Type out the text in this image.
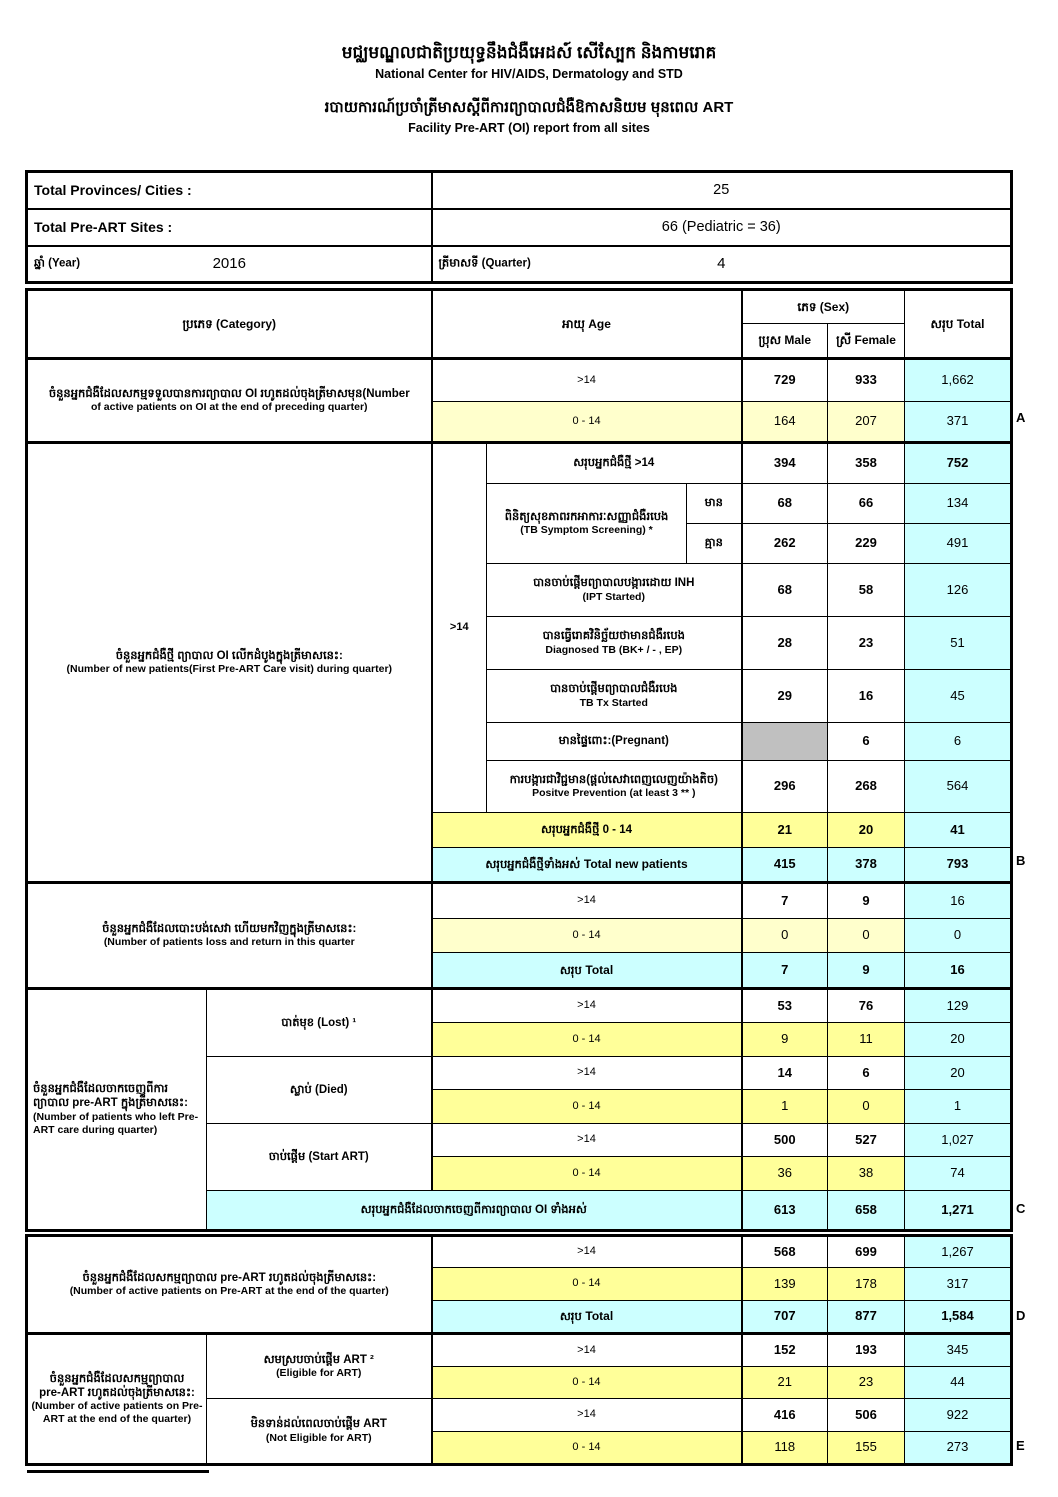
មជ្ឈមណ្ឌលជាតិប្រយុទ្ធនឹងជំងឺអេដស៍ សើស្បែក និងកាមរោគ
National Center for HIV/AIDS, Dermatology and STD
របាយការណ៍ប្រចាំត្រីមាសស្តីពីការព្យាបាលជំងឺឱកាសនិយម មុនពេល ART
Facility Pre-ART (OI) report from all sites
Total Provinces/ Cities :	25
Total Pre-ART Sites :	66 (Pediatric = 36)

ឆ្នាំ (Year) 2016	ត្រីមាសទី (Quarter) 4
ប្រភេទ (Category)		អាយុ Age			ភេទ (Sex)		សរុប Total
					ប្រុស Male	ស្រី Female	

ចំនួនអ្នកជំងឺដែលសកម្មទទួលបានការព្យាបាល OI រហូតដល់ចុងត្រីមាសមុន(Number
of active patients on OI at the end of preceding quarter)		>14			729	933	1,662
		0 - 14			164	207	371

ចំនួនអ្នកជំងឺថ្មី ព្យាបាល OI លើកដំបូងក្នុងត្រីមាសនេះ:
(Number of new patients(First Pre-ART Care visit) during quarter)		>14	សរុបអ្នកជំងឺថ្មី >14		394	358	752

			ពិនិត្យសុខភាពរកអាការៈសញ្ញាជំងឺរបេង
(TB Symptom Screening) *	មាន	68	66	134
				គ្មាន	262	229	491

			បានចាប់ផ្តើមព្យាបាលបង្ការដោយ INH
(IPT Started)		68	58	126

			បានធ្វើរោគវិនិច្ឆ័យថាមានជំងឺរបេង
Diagnosed TB (BK+ / - , EP)		28	23	51

			បានចាប់ផ្តើមព្យាបាលជំងឺរបេង
TB Tx Started		29	16	45
			មានផ្ទៃពោះ:(Pregnant)			6	6

			ការបង្ការជាវិជ្ជមាន(ផ្តល់សេវាពេញលេញយ៉ាងតិច)
Positve Prevention (at least 3 ** )		296	268	564
		សរុបអ្នកជំងឺថ្មី 0 - 14			21	20	41
		សរុបអ្នកជំងឺថ្មីទាំងអស់ Total new patients			415	378	793

ចំនួនអ្នកជំងឺដែលបោះបង់សេវា ហើយមកវិញក្នុងត្រីមាសនេះ:
(Number of patients loss and return in this quarter		>14			7	9	16
		0 - 14			0	0	0
		សរុប Total			7	9	16

ចំនួនអ្នកជំងឺដែលចាកចេញពីការ
ព្យាបាល pre-ART ក្នុងត្រីមាសនេះ:
(Number of patients who left Pre-ART care during quarter)	បាត់មុខ (Lost) ¹	>14			53	76	129
		0 - 14			9	11	20
	ស្លាប់ (Died)	>14			14	6	20
		0 - 14			1	0	1
	ចាប់ផ្តើម (Start ART)	>14			500	527	1,027
		0 - 14			36	38	74
	សរុបអ្នកជំងឺដែលចាកចេញពីការព្យាបាល OI ទាំងអស់				613	658	1,271
ចំនួនអ្នកជំងឺដែលសកម្មព្យាបាល pre-ART រហូតដល់ចុងត្រីមាសនេះ:
(Number of active patients on Pre-ART at the end of the quarter)		>14	568	699	1,267
		0 - 14	139	178	317
		សរុប Total	707	877	1,584

ចំនួនអ្នកជំងឺដែលសកម្មព្យាបាល
pre-ART រហូតដល់ចុងត្រីមាសនេះ:
(Number of active patients on Pre-ART at the end of the quarter)

សមស្របចាប់ផ្តើម ART ²
(Eligible for ART)
	>14	152	193	345
		0 - 14	21	23	44

	មិនទាន់ដល់ពេលចាប់ផ្តើម ART
(Not Eligible for ART)	>14	416	506	922
		0 - 14	118	155	273
A
B
C
D
E
